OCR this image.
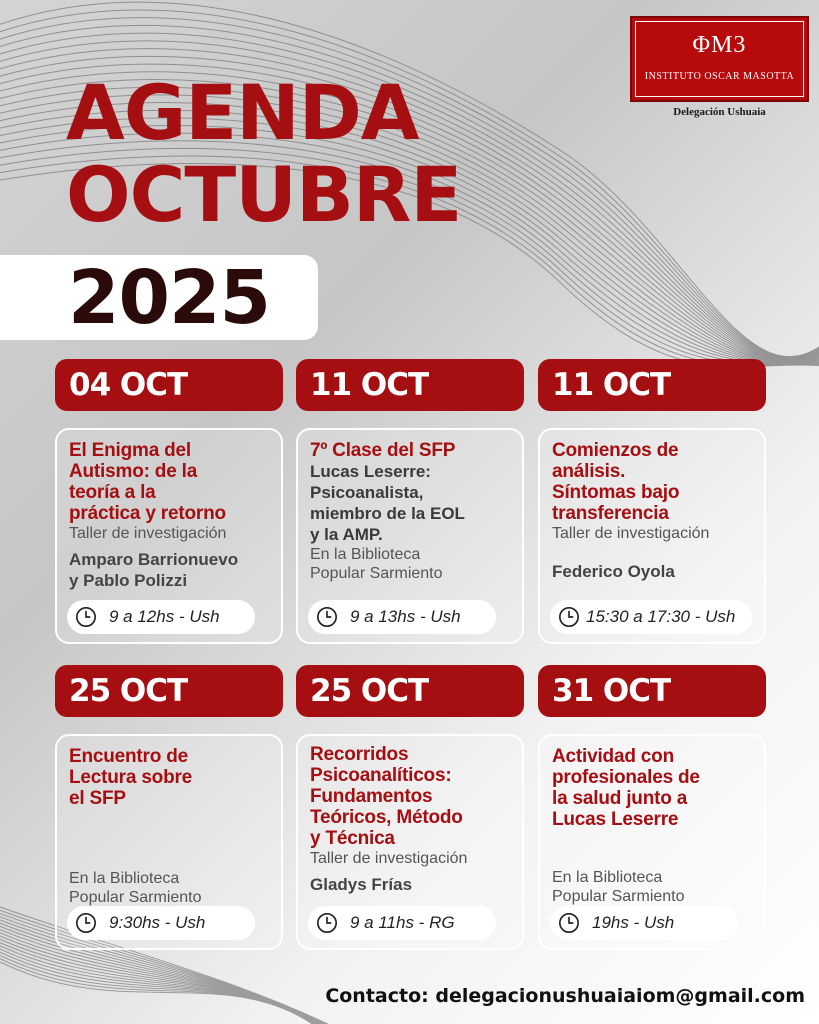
AGENDA
OCTUBRE
2025
ΦM3
INSTITUTO OSCAR MASOTTA
Delegación Ushuaia
04 OCT
El Enigma del
Autismo: de la
teoría a la
práctica y retorno
Taller de investigación
Amparo Barrionuevo
y Pablo Polizzi
9 a 12hs - Ush
11 OCT
7º Clase del SFP
Lucas Leserre:
Psicoanalista,
miembro de la EOL
y la AMP.
En la Biblioteca
Popular Sarmiento
9 a 13hs - Ush
11 OCT
Comienzos de
análisis.
Síntomas bajo
transferencia
Taller de investigación
Federico Oyola
15:30 a 17:30 - Ush
25 OCT
Encuentro de
Lectura sobre
el SFP
En la Biblioteca
Popular Sarmiento
9:30hs - Ush
25 OCT
Recorridos
Psicoanalíticos:
Fundamentos
Teóricos, Método
y Técnica
Taller de investigación
Gladys Frías
9 a 11hs - RG
31 OCT
Actividad con
profesionales de
la salud junto a
Lucas Leserre
En la Biblioteca
Popular Sarmiento
19hs - Ush
Contacto: delegacionushuaiaiom@gmail.com
